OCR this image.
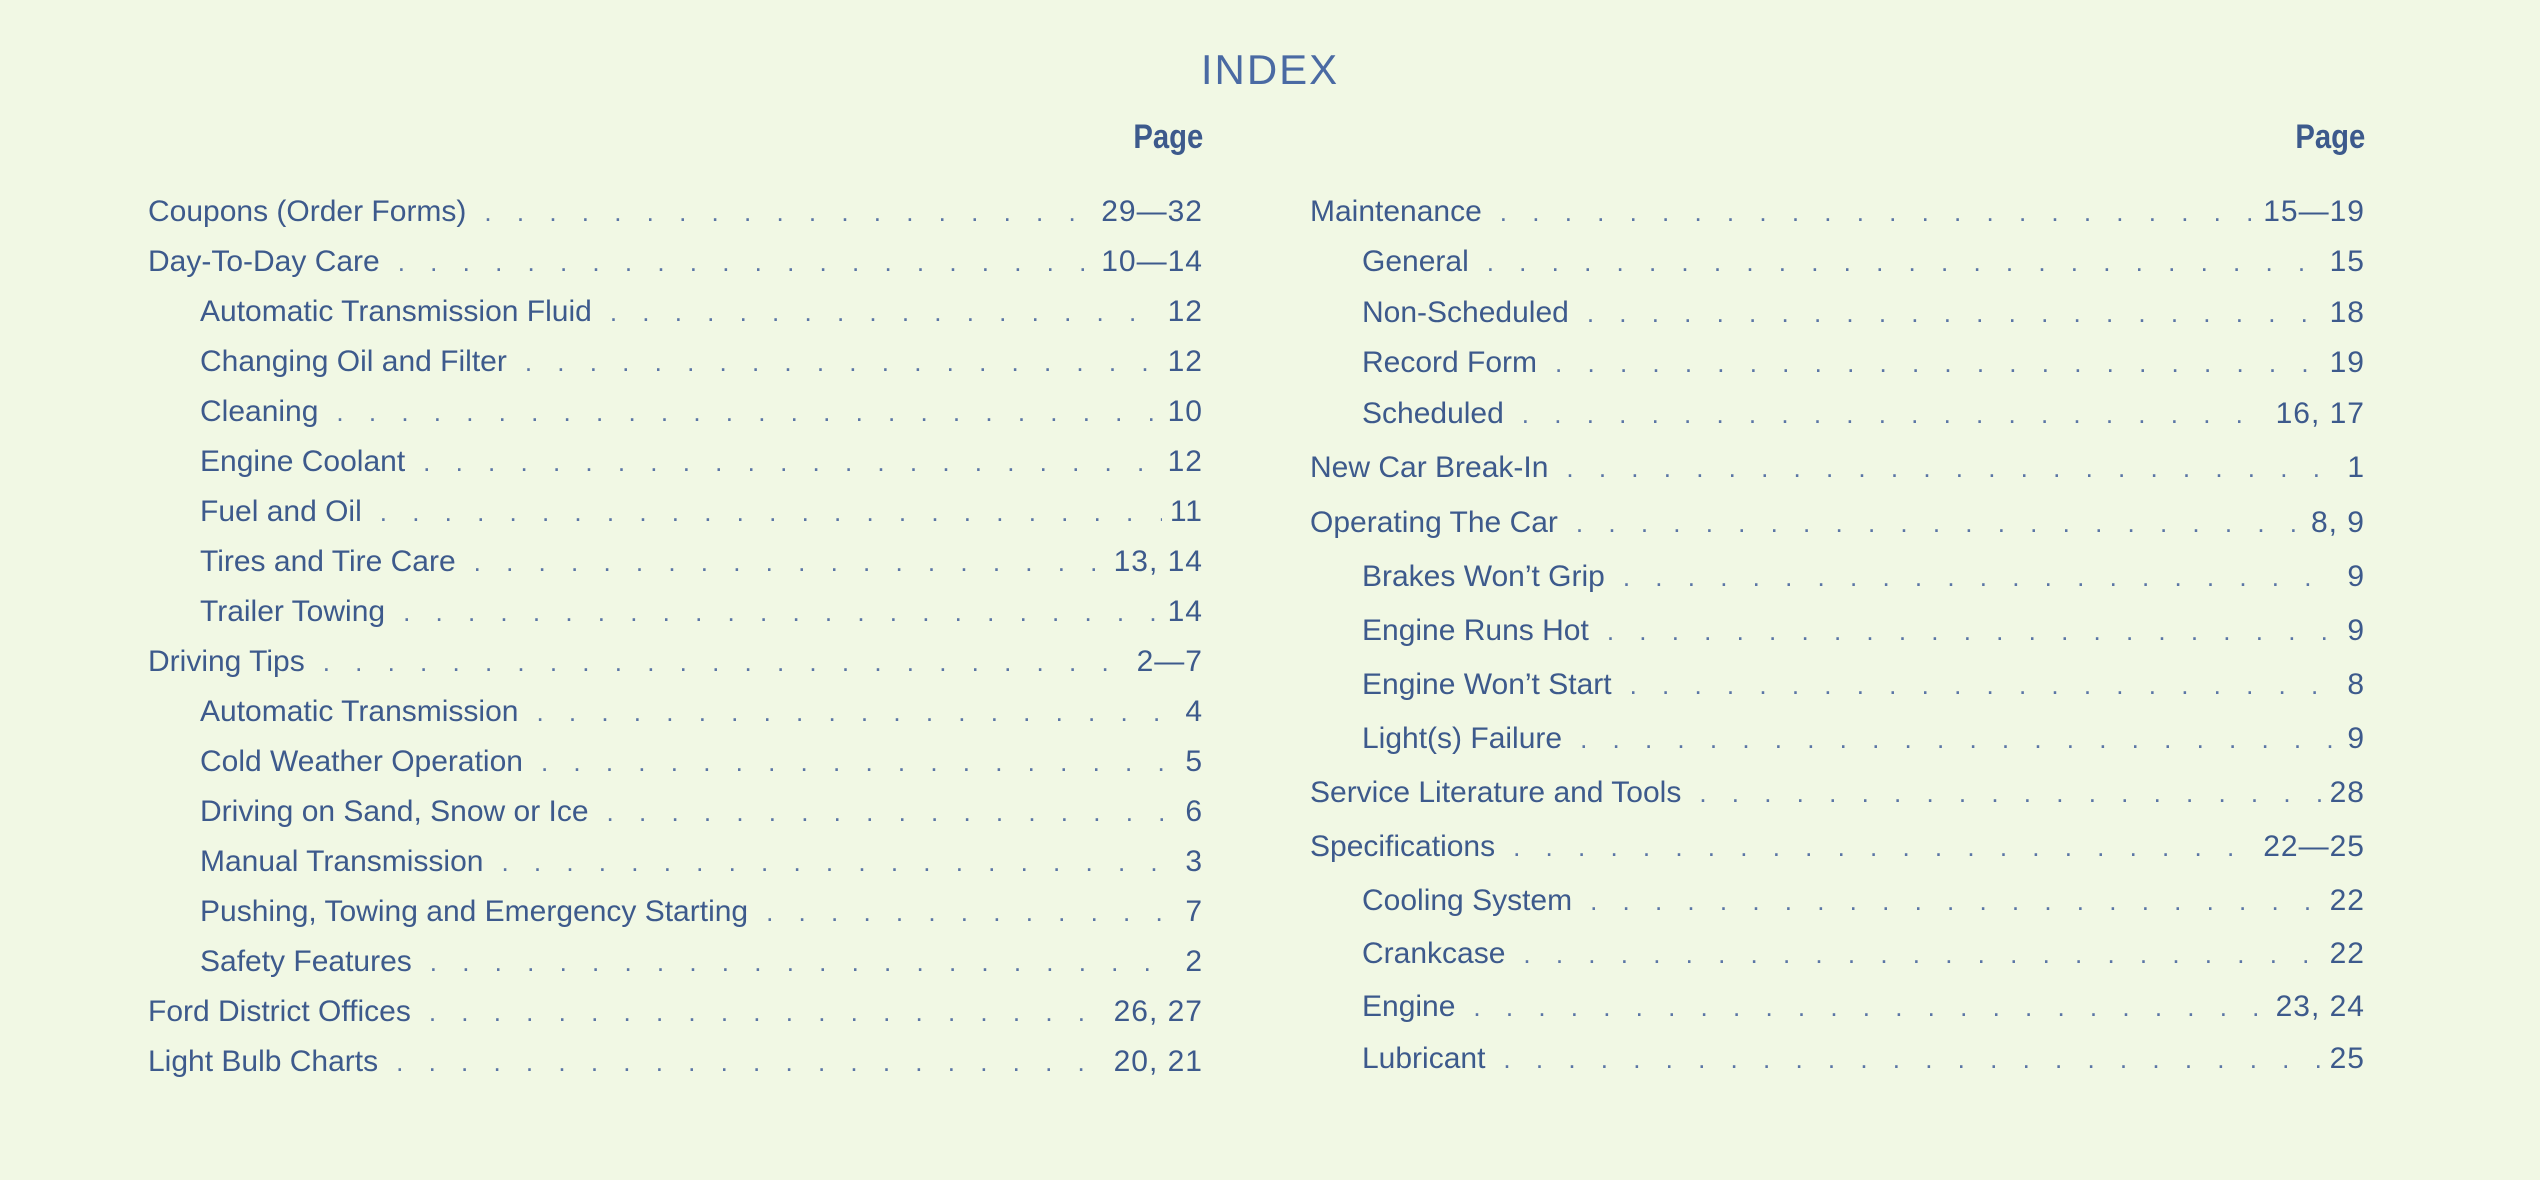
INDEX
Page
Coupons (Order Forms) . . .	29—32
Day-To-Day Care . . .	10—14
Automatic Transmission Fluid . . .	12
Changing Oil and Filter . . .	12
Cleaning . . .	10
Engine Coolant . . .	12
Fuel and Oil . . .	11
Tires and Tire Care . . .	13, 14
Trailer Towing . . .	14
Driving Tips . . .	2—7
Automatic Transmission . . .	4
Cold Weather Operation . . .	5
Driving on Sand, Snow or Ice . . .	6
Manual Transmission . . .	3
Pushing, Towing and Emergency Starting . . .	7
Safety Features . . .	2
Ford District Offices . . .	26, 27
Light Bulb Charts . . .	20, 21
Page
Maintenance . . .	15—19
General . . .	15
Non-Scheduled . . .	18
Record Form . . .	19
Scheduled . . .	16, 17
New Car Break-In . . .	1
Operating The Car . . .	8, 9
Brakes Won’t Grip . . .	9
Engine Runs Hot . . .	9
Engine Won’t Start . . .	8
Light(s) Failure . . .	9
Service Literature and Tools . . .	28
Specifications . . .	22—25
Cooling System . . .	22
Crankcase . . .	22
Engine . . .	23, 24
Lubricant . . .	25
